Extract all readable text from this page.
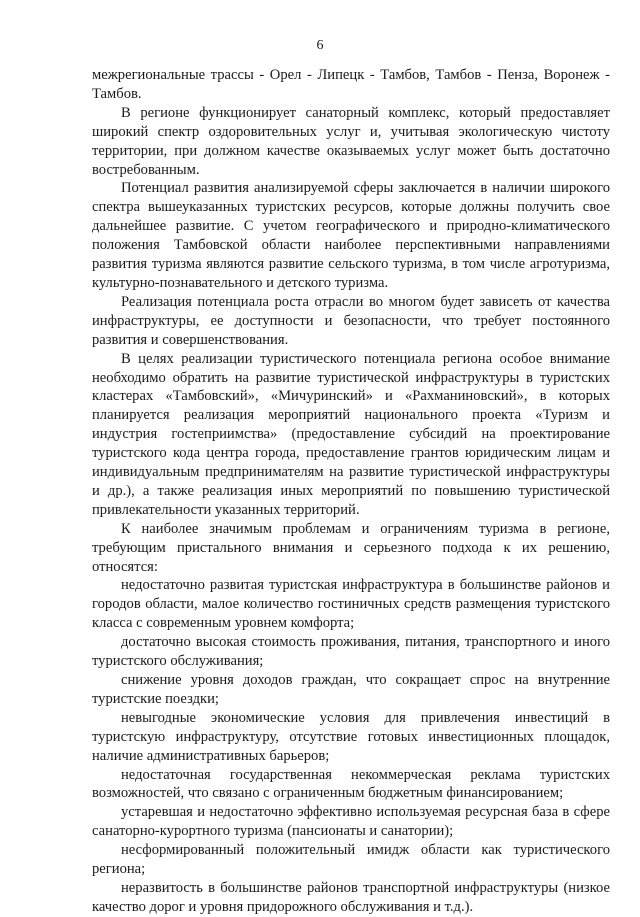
6

межрегиональные трассы - Орел - Липецк - Тамбов, Тамбов - Пенза, Воронеж - Тамбов.

В регионе функционирует санаторный комплекс, который предоставляет широкий спектр оздоровительных услуг и, учитывая экологическую чистоту территории, при должном качестве оказываемых услуг может быть достаточно востребованным.

Потенциал развития анализируемой сферы заключается в наличии широкого спектра вышеуказанных туристских ресурсов, которые должны получить свое дальнейшее развитие. С учетом географического и природно-климатического положения Тамбовской области наиболее перспективными направлениями развития туризма являются развитие сельского туризма, в том числе агротуризма, культурно-познавательного и детского туризма.

Реализация потенциала роста отрасли во многом будет зависеть от качества инфраструктуры, ее доступности и безопасности, что требует постоянного развития и совершенствования.

В целях реализации туристического потенциала региона особое внимание необходимо обратить на развитие туристической инфраструктуры в туристских кластерах «Тамбовский», «Мичуринский» и «Рахманиновский», в которых планируется реализация мероприятий национального проекта «Туризм и индустрия гостеприимства» (предоставление субсидий на проектирование туристского кода центра города, предоставление грантов юридическим лицам и индивидуальным предпринимателям на развитие туристической инфраструктуры и др.), а также реализация иных мероприятий по повышению туристической привлекательности указанных территорий.

К наиболее значимым проблемам и ограничениям туризма в регионе, требующим пристального внимания и серьезного подхода к их решению, относятся:

недостаточно развитая туристская инфраструктура в большинстве районов и городов области, малое количество гостиничных средств размещения туристского класса с современным уровнем комфорта;

достаточно высокая стоимость проживания, питания, транспортного и иного туристского обслуживания;

снижение уровня доходов граждан, что сокращает спрос на внутренние туристские поездки;

невыгодные экономические условия для привлечения инвестиций в туристскую инфраструктуру, отсутствие готовых инвестиционных площадок, наличие административных барьеров;

недостаточная государственная некоммерческая реклама туристских возможностей, что связано с ограниченным бюджетным финансированием;

устаревшая и недостаточно эффективно используемая ресурсная база в сфере санаторно-курортного туризма (пансионаты и санатории);

несформированный положительный имидж области как туристического региона;

неразвитость в большинстве районов транспортной инфраструктуры (низкое качество дорог и уровня придорожного обслуживания и т.д.).
